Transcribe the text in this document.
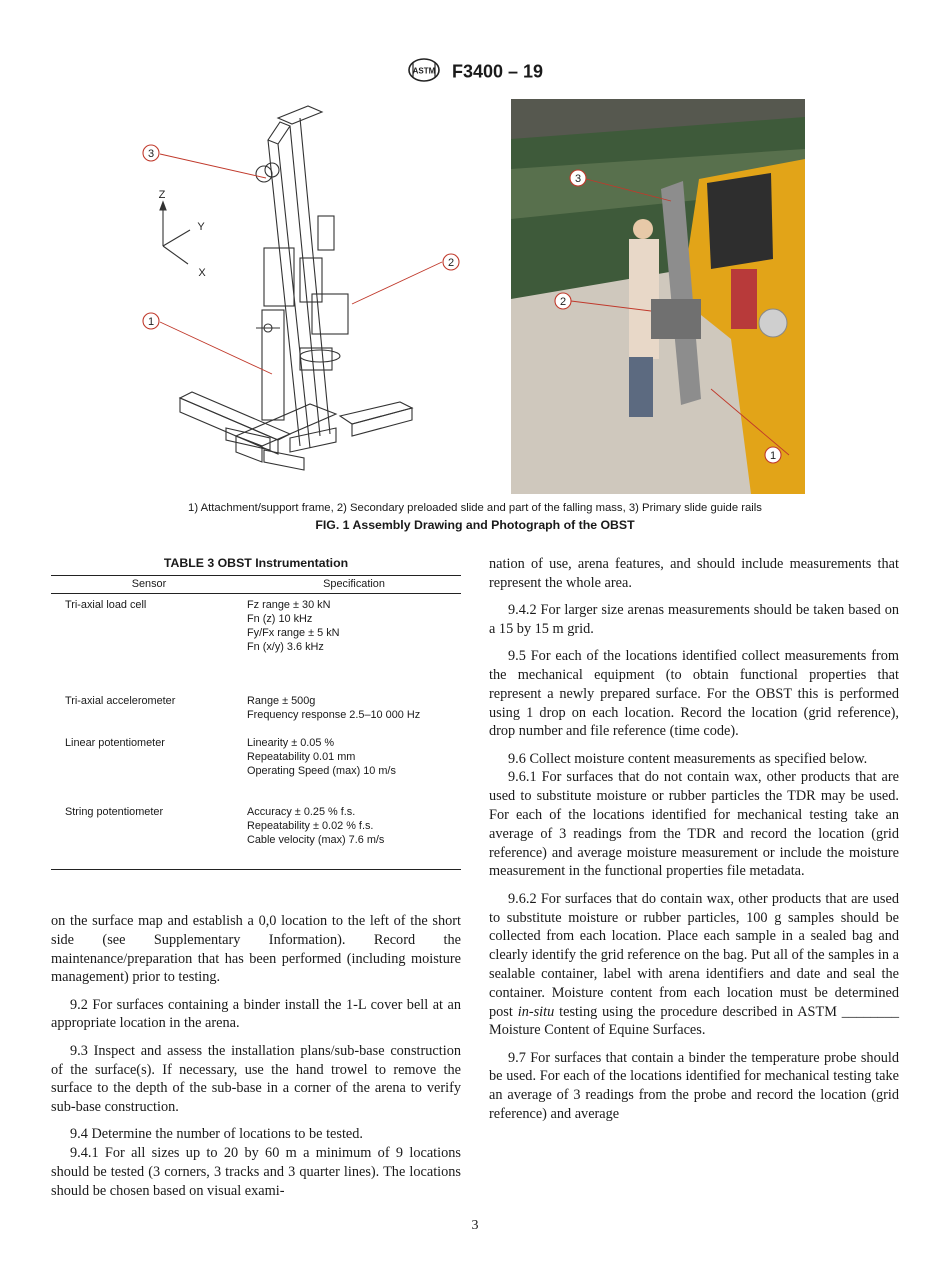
ASTM F3400 – 19
3
2
1
Z
Y
X
3
2
1
1) Attachment/support frame, 2) Secondary preloaded slide and part of the falling mass, 3) Primary slide guide rails
FIG. 1 Assembly Drawing and Photograph of the OBST
TABLE 3 OBST Instrumentation
Sensor	Specification
Tri-axial load cell	Fz range ± 30 kN
Fn (z) 10 kHz
Fy/Fx range ± 5 kN
Fn (x/y) 3.6 kHz

Tri-axial accelerometer	Range ± 500g
Frequency response 2.5–10 000 Hz

Linear potentiometer	Linearity ± 0.05 %
Repeatability 0.01 mm
Operating Speed (max) 10 m/s

String potentiometer	Accuracy ± 0.25 % f.s.
Repeatability ± 0.02 % f.s.
Cable velocity (max) 7.6 m/s

on the surface map and establish a 0,0 location to the left of the short side (see Supplementary Information). Record the maintenance/preparation that has been performed (including moisture management) prior to testing.

9.2 For surfaces containing a binder install the 1-L cover bell at an appropriate location in the arena.

9.3 Inspect and assess the installation plans/sub-base construction of the surface(s). If necessary, use the hand trowel to remove the surface to the depth of the sub-base in a corner of the arena to verify sub-base construction.

9.4 Determine the number of locations to be tested.

9.4.1 For all sizes up to 20 by 60 m a minimum of 9 locations should be tested (3 corners, 3 tracks and 3 quarter lines). The locations should be chosen based on visual exami-

nation of use, arena features, and should include measurements that represent the whole area.

9.4.2 For larger size arenas measurements should be taken based on a 15 by 15 m grid.

9.5 For each of the locations identified collect measurements from the mechanical equipment (to obtain functional properties that represent a newly prepared surface. For the OBST this is performed using 1 drop on each location. Record the location (grid reference), drop number and file reference (time code).

9.6 Collect moisture content measurements as specified below.

9.6.1 For surfaces that do not contain wax, other products that are used to substitute moisture or rubber particles the TDR may be used. For each of the locations identified for mechanical testing take an average of 3 readings from the TDR and record the location (grid reference) and average moisture measurement or include the moisture measurement in the functional properties file metadata.

9.6.2 For surfaces that do contain wax, other products that are used to substitute moisture or rubber particles, 100 g samples should be collected from each location. Place each sample in a sealed bag and clearly identify the grid reference on the bag. Put all of the samples in a sealable container, label with arena identifiers and date and seal the container. Moisture content from each location must be determined post in-situ testing using the procedure described in ASTM ________ Moisture Content of Equine Surfaces.

9.7 For surfaces that contain a binder the temperature probe should be used. For each of the locations identified for mechanical testing take an average of 3 readings from the probe and record the location (grid reference) and average

3
